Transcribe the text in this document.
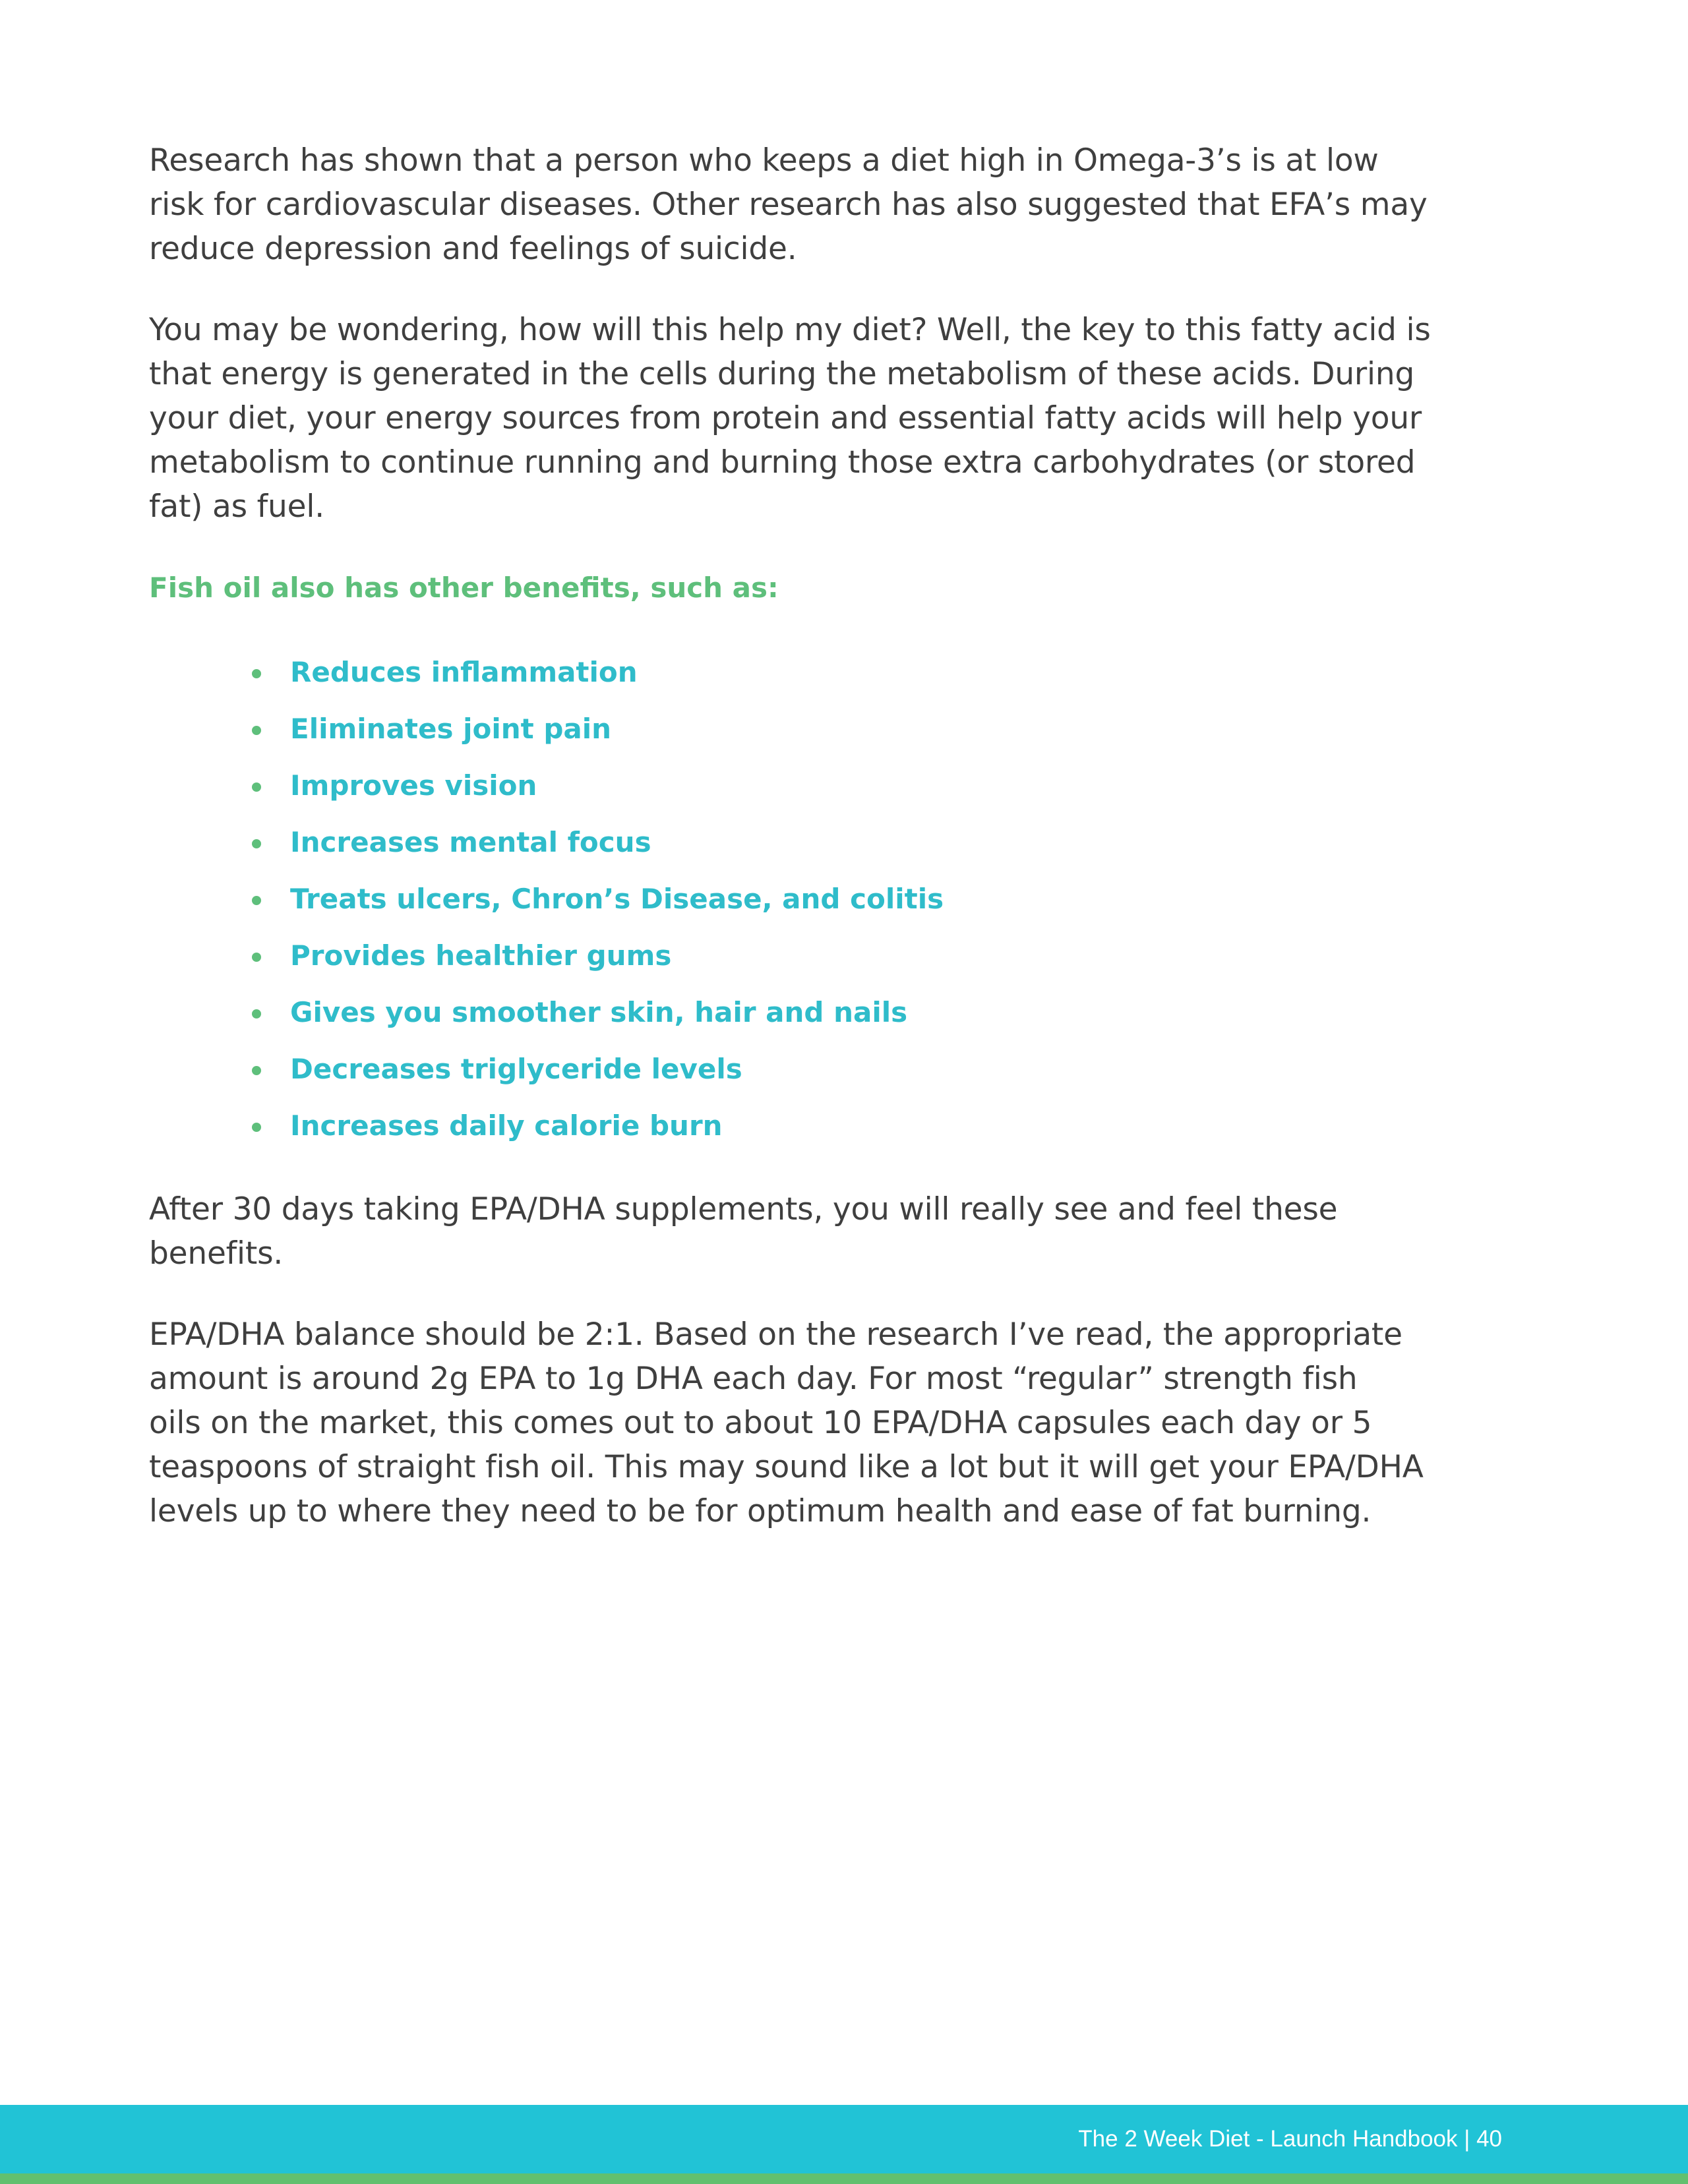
Research has shown that a person who keeps a diet high in Omega-3’s is at low
risk for cardiovascular diseases. Other research has also suggested that EFA’s may
reduce depression and feelings of suicide.

You may be wondering, how will this help my diet? Well, the key to this fatty acid is
that energy is generated in the cells during the metabolism of these acids. During
your diet, your energy sources from protein and essential fatty acids will help your
metabolism to continue running and burning those extra carbohydrates (or stored
fat) as fuel.

Fish oil also has other benefits, such as:
Reduces inflammation
Eliminates joint pain
Improves vision
Increases mental focus
Treats ulcers, Chron’s Disease, and colitis
Provides healthier gums
Gives you smoother skin, hair and nails
Decreases triglyceride levels
Increases daily calorie burn

After 30 days taking EPA/DHA supplements, you will really see and feel these
benefits.

EPA/DHA balance should be 2:1. Based on the research I’ve read, the appropriate
amount is around 2g EPA to 1g DHA each day. For most “regular” strength fish
oils on the market, this comes out to about 10 EPA/DHA capsules each day or 5
teaspoons of straight fish oil. This may sound like a lot but it will get your EPA/DHA
levels up to where they need to be for optimum health and ease of fat burning.

The 2 Week Diet - Launch Handbook | 40
